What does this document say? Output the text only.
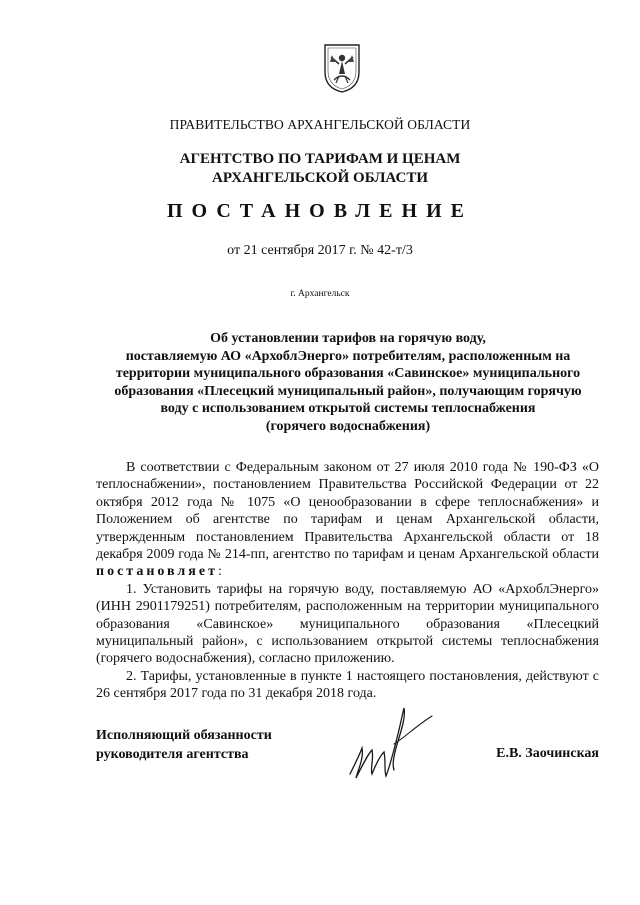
ПРАВИТЕЛЬСТВО АРХАНГЕЛЬСКОЙ ОБЛАСТИ
АГЕНТСТВО ПО ТАРИФАМ И ЦЕНАМ
АРХАНГЕЛЬСКОЙ ОБЛАСТИ
ПОСТАНОВЛЕНИЕ
от 21 сентября 2017 г. № 42-т/3
г. Архангельск
Об установлении тарифов на горячую воду,
поставляемую АО «АрхоблЭнерго» потребителям, расположенным на
территории муниципального образования «Савинское» муниципального
образования «Плесецкий муниципальный район», получающим горячую
воду с использованием открытой системы теплоснабжения
(горячего водоснабжения)

В соответствии с Федеральным законом от 27 июля 2010 года № 190-ФЗ «О теплоснабжении», постановлением Правительства Российской Федерации от 22 октября 2012 года № 1075 «О ценообразовании в сфере теплоснабжения» и Положением об агентстве по тарифам и ценам Архангельской области, утвержденным постановлением Правительства Архангельской области от 18 декабря 2009 года № 214-пп, агентство по тарифам и ценам Архангельской области постановляет:

1. Установить тарифы на горячую воду, поставляемую АО «АрхоблЭнерго» (ИНН 2901179251) потребителям, расположенным на территории муниципального образования «Савинское» муниципального образования «Плесецкий муниципальный район», с использованием открытой системы теплоснабжения (горячего водоснабжения), согласно приложению.

2. Тарифы, установленные в пункте 1 настоящего постановления, действуют с 26 сентября 2017 года по 31 декабря 2018 года.

Исполняющий обязанности
руководителя агентства	Е.В. Заочинская
